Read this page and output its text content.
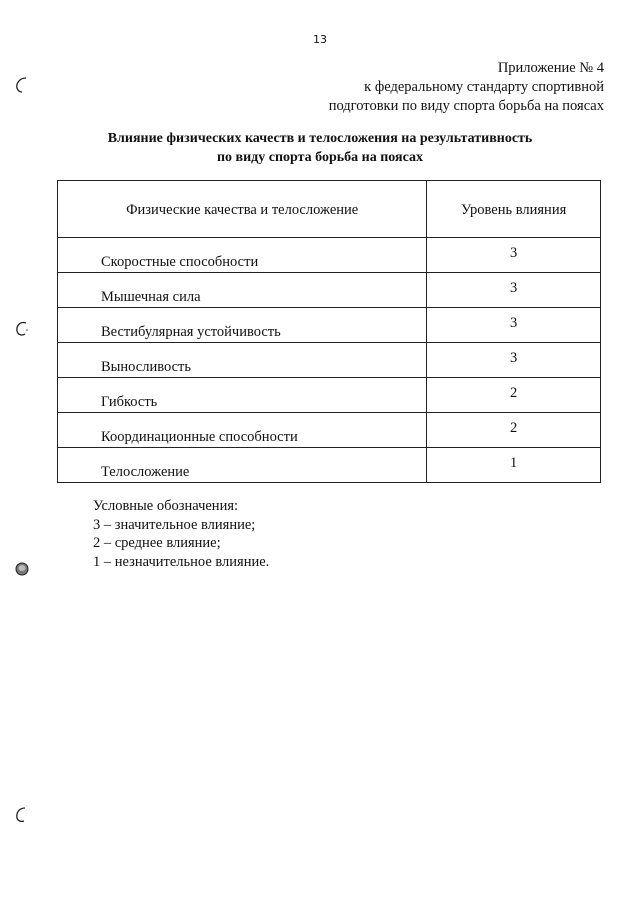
13
Приложение № 4
к федеральному стандарту спортивной
подготовки по виду спорта борьба на поясах
Влияние физических качеств и телосложения на результативность
по виду спорта борьба на поясах
Физические качества и телосложение	Уровень влияния

Скоростные способности	3

Мышечная сила	3

Вестибулярная устойчивость	3

Выносливость	3

Гибкость	2

Координационные способности	2

Телосложение	1
Условные обозначения:
3 – значительное влияние;
2 – среднее влияние;
1 – незначительное влияние.
